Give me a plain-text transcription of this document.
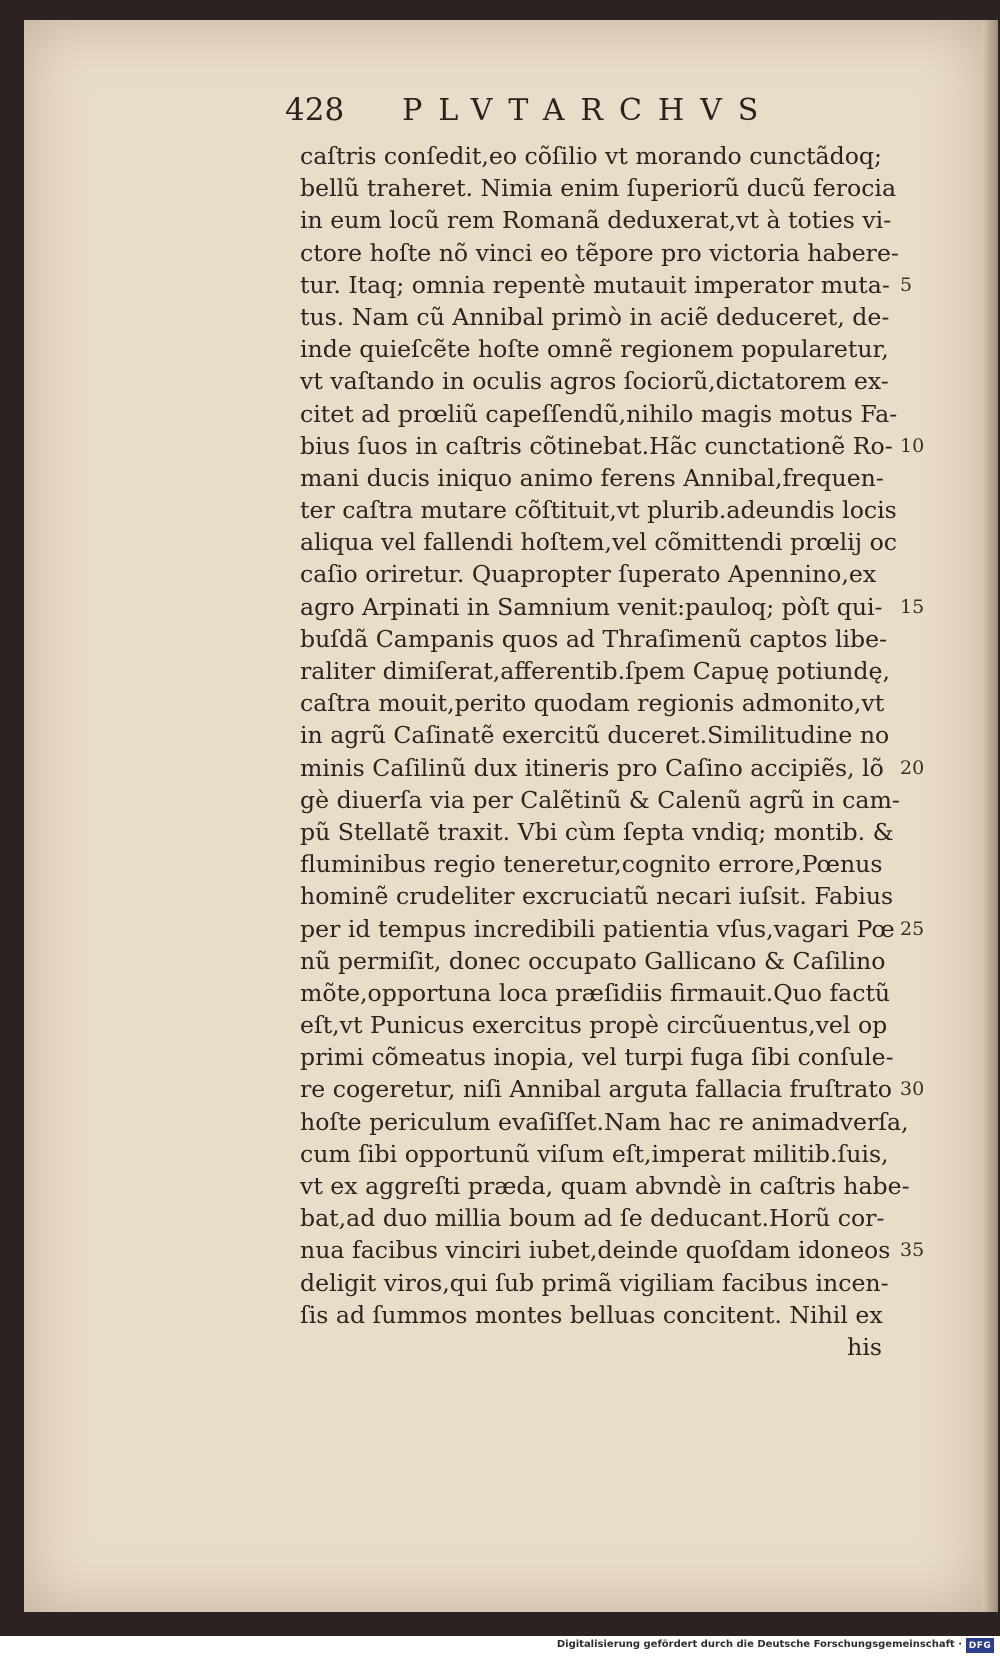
428 PLVTARCHVS
caſtris conſedit,eo cõſilio vt morando cunctãdoq;
bellũ traheret. Nimia enim ſuperiorũ ducũ ferocia
in eum locũ rem Romanã deduxerat,vt à toties vi-
ctore hoſte nõ vinci eo tẽpore pro victoria haberе-
tur. Itaq; omnia repentè mutauit imperator muta- 5
tus. Nam cũ Annibal primò in aciẽ deduceret, de-
inde quieſcẽte hoſte omnẽ regionem popularetur,
vt vaſtando in oculis agros ſociorũ,dictatorem ex-
citet ad prœliũ capeſſendũ,nihilo magis motus Fa-
bius ſuos in caſtris cõtinebat.Hãc cunctationẽ Ro- 10
mani ducis iniquo animo ferens Annibal,frequen-
ter caſtra mutare cõſtituit,vt plurib.adeundis locis
aliqua vel fallendi hoſtem,vel cõmittendi prœlij oc
caſio oriretur. Quapropter ſuperato Apennino,ex
agro Arpinati in Samnium venit:pauloq; pòſt qui- 15
buſdã Campanis quos ad Thraſimenũ captos libe-
raliter dimiſerat,afferentib.ſpem Capuę potiundę,
caſtra mouit,perito quodam regionis admonito,vt
in agrũ Caſinatẽ exercitũ duceret.Similitudine no
minis Caſilinũ dux itineris pro Caſino accipiẽs, lõ 20
gè diuerſa via per Calẽtinũ & Calenũ agrũ in cam-
pũ Stellatẽ traxit. Vbi cùm ſepta vndiq; montib. &
fluminibus regio teneretur,cognito errore,Pœnus
hominẽ crudeliter excruciatũ necari iuſsit. Fabius
per id tempus incredibili patientia vſus,vagari Pœ 25
nũ permiſit, donec occupato Gallicano & Caſilino
mõte,opportuna loca præſidiis firmauit.Quo factũ
eſt,vt Punicus exercitus propè circũuentus,vel op
primi cõmeatus inopia, vel turpi fuga ſibi conſule-
re cogeretur, niſi Annibal arguta fallacia fruſtrato 30
hoſte periculum evaſiſſet.Nam hac re animadverſa,
cum ſibi opportunũ viſum eſt,imperat militib.ſuis,
vt ex aggreſti præda, quam abvndè in caſtris habe-
bat,ad duo millia boum ad ſe deducant.Horũ cor-
nua facibus vinciri iubet,deinde quoſdam idoneos 35
deligit viros,qui ſub primã vigiliam facibus incen-
ſis ad ſummos montes belluas concitent. Nihil ex
his
Digitalisierung gefördert durch die Deutsche Forschungsgemeinschaft · DFG
